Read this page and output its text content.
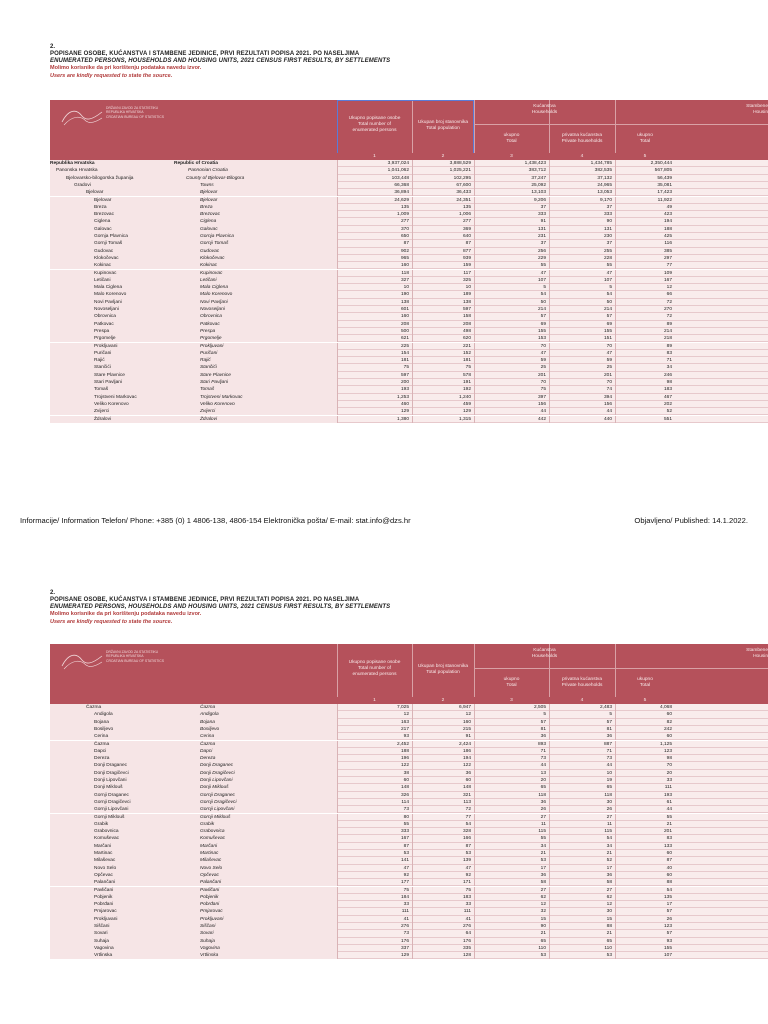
2.
POPISANE OSOBE, KUĆANSTVA I STAMBENE JEDINICE, PRVI REZULTATI POPISA 2021. PO NASELJIMA
ENUMERATED PERSONS, HOUSEHOLDS AND HOUSING UNITS, 2021 CENSUS FIRST RESULTS, BY SETTLEMENTS
Molimo korisnike da pri korištenju podataka navedu izvor.
Users are kindly requested to state the source.
DRŽAVNI ZAVOD ZA STATISTIKU
REPUBLIKA HRVATSKA
CROATIAN BUREAU OF STATISTICS	Ukupno popisane osobe
Total number of
enumerated persons
Ukupan broj stanovnika
Total population
Kućanstva
Households
ukupno
Total
privatna kućanstva
Private households
Stambene
Housin
ukupno
Total
1	2	3	4	5
Republika Hrvatska	Republic of Croatia	3,937,024	3,888,529	1,438,423	1,434,785	2,350,444
Panonska Hrvatska	Pannonian Croatia	1,041,062	1,025,221	383,712	382,535	567,805
Bjelovarsko-bilogorska županija	County of Bjelovar-Bilogora	103,448	102,295	37,247	37,132	56,439
Gradovi	Towns	66,368	67,600	25,092	24,965	35,081
Bjelovar	Bjelovar	36,894	36,433	13,103	13,053	17,423
Bjelovar	Bjelovar	24,629	24,351	9,206	9,170	11,922
Breza	Breza	135	135	37	37	49
Brezovac	Brezovac	1,009	1,006	333	333	423
Ciglena	Ciglena	277	277	91	90	194
Galovac	Galovac	370	369	131	131	188
Gornja Plavnica	Gornja Plavnica	650	640	231	230	425
Gornji Tomaš	Gornji Tomaš	87	87	37	37	116
Gudovac	Gudovac	902	877	256	255	385
Klokočevac	Klokočevac	965	939	229	228	297
Kokinac	Kokinac	160	159	55	55	77
Kupinovac	Kupinovac	118	117	47	47	109
Letičani	Letičani	327	325	107	107	167
Mala Ciglena	Mala Ciglena	10	10	5	5	12
Malo Korenovo	Malo Korenovo	190	189	54	54	66
Novi Pavljani	Novi Pavljani	138	138	50	50	72
Novoseljani	Novoseljani	601	597	214	214	270
Obrovnica	Obrovnica	160	158	57	57	72
Patkovac	Patkovac	208	208	69	69	89
Prespa	Prespa	500	498	155	155	214
Prgomelje	Prgomelje	621	620	153	151	218
Prokljuvani	Prokljuvani	225	221	70	70	89
Puričani	Puričani	154	152	47	47	83
Rajić	Rajić	181	181	59	59	71
Stančići	Stančići	75	75	25	25	34
Stare Plavnice	Stare Plavnice	597	578	201	201	246
Stari Pavljani	Stari Pavljani	200	191	70	70	98
Tomaš	Tomaš	193	192	75	74	183
Trojstveni Markovac	Trojstveni Markovac	1,253	1,240	397	394	467
Veliko Korenovo	Veliko Korenovo	460	459	156	156	202
Zvijerci	Zvijerci	129	129	44	44	52
Ždralovi	Ždralovi	1,380	1,315	442	440	551
Informacije/ Information Telefon/ Phone: +385 (0) 1 4806-138, 4806-154 Elektronička pošta/ E-mail: stat.info@dzs.hr	Objavljeno/ Published: 14.1.2022.
2.
POPISANE OSOBE, KUĆANSTVA I STAMBENE JEDINICE, PRVI REZULTATI POPISA 2021. PO NASELJIMA
ENUMERATED PERSONS, HOUSEHOLDS AND HOUSING UNITS, 2021 CENSUS FIRST RESULTS, BY SETTLEMENTS
Molimo korisnike da pri korištenju podataka navedu izvor.
Users are kindly requested to state the source.
DRŽAVNI ZAVOD ZA STATISTIKU
REPUBLIKA HRVATSKA
CROATIAN BUREAU OF STATISTICS	Ukupno popisane osobe
Total number of
enumerated persons
Ukupan broj stanovnika
Total population
Kućanstva
Households
ukupno
Total
privatna kućanstva
Private households
Stambene
Housin
ukupno
Total
1	2	3	4	5
Čazma	Čazma	7,025	6,947	2,505	2,483	4,068
Andigola	Andigola	12	12	5	5	60
Bojana	Bojana	163	160	57	57	82
Bosiljevo	Bosiljevo	217	215	81	81	242
Cerina	Cerina	93	91	36	36	60
Čazma	Čazma	2,452	2,424	893	887	1,125
Dapci	Dapci	188	186	71	71	123
Derezа	Dereza	196	194	73	73	98
Donji Draganec	Donji Draganec	122	122	44	44	70
Donji Dragičevci	Donji Dragičevci	38	36	13	10	20
Donji Lipovčani	Donji Lipovčani	60	60	20	19	33
Donji Miklouš	Donji Miklouš	148	148	65	65	111
Gornji Draganec	Gornji Draganec	326	321	118	118	193
Gornji Dragičevci	Gornji Dragičevci	114	113	36	30	61
Gornji Lipovčani	Gornji Lipovčani	73	72	26	26	44
Gornji Miklouš	Gornji Miklouš	80	77	27	27	55
Grabik	Grabik	55	54	11	11	21
Grabovnica	Grabovnica	333	328	115	115	201
Komuševac	Komuševac	167	166	55	54	83
Marčani	Marčani	87	87	34	34	133
Martinac	Martinac	53	53	21	21	60
Milaševac	Milaševac	141	139	53	52	87
Novo Selo	Novo Selo	47	47	17	17	40
Opčevac	Opčevac	92	92	36	36	60
Palančani	Palančani	177	171	58	58	88
Pavličani	Pavličani	75	75	27	27	54
Pobjenik	Pobjenik	184	183	62	62	135
Pobrđani	Pobrđani	33	33	12	12	17
Pmjarovac	Pmjarovac	111	111	32	30	57
Prokljuvani	Prokljuvani	41	41	15	15	26
Siščani	Siščani	276	276	90	88	123
Sovari	Sovari	73	64	21	21	57
Suhaja	Suhaja	176	176	65	65	93
Vagovina	Vagovina	337	335	110	110	155
Vrtlinska	Vrtlinska	129	128	53	53	107
